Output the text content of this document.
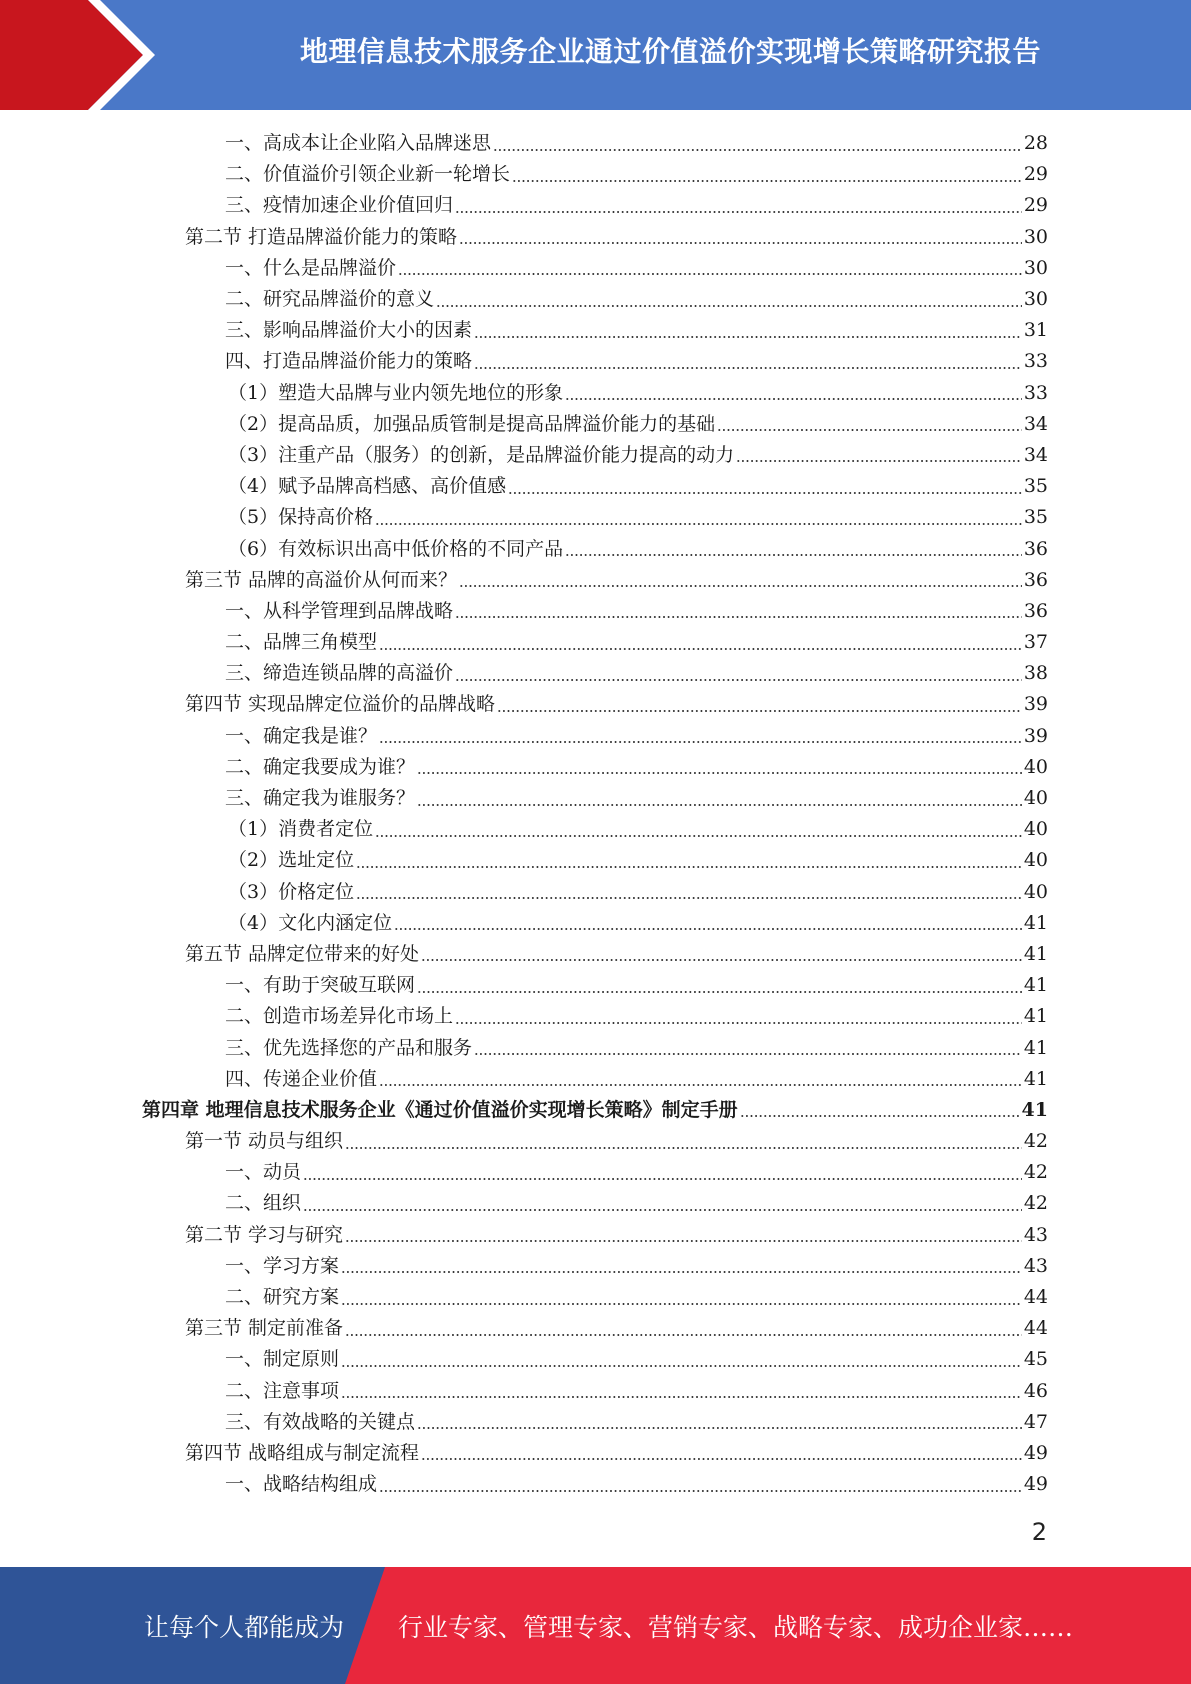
地理信息技术服务企业通过价值溢价实现增长策略研究报告
一、高成本让企业陷入品牌迷思	28
二、价值溢价引领企业新一轮增长	29
三、疫情加速企业价值回归	29
第二节 打造品牌溢价能力的策略	30
一、什么是品牌溢价	30
二、研究品牌溢价的意义	30
三、影响品牌溢价大小的因素	31
四、打造品牌溢价能力的策略	33
（1）塑造大品牌与业内领先地位的形象	33
（2）提高品质，加强品质管制是提高品牌溢价能力的基础	34
（3）注重产品（服务）的创新，是品牌溢价能力提高的动力	34
（4）赋予品牌高档感、高价值感	35
（5）保持高价格	35
（6）有效标识出高中低价格的不同产品	36
第三节 品牌的高溢价从何而来？	36
一、从科学管理到品牌战略	36
二、品牌三角模型	37
三、缔造连锁品牌的高溢价	38
第四节 实现品牌定位溢价的品牌战略	39
一、确定我是谁？	39
二、确定我要成为谁？	40
三、确定我为谁服务？	40
（1）消费者定位	40
（2）选址定位	40
（3）价格定位	40
（4）文化内涵定位	41
第五节 品牌定位带来的好处	41
一、有助于突破互联网	41
二、创造市场差异化市场上	41
三、优先选择您的产品和服务	41
四、传递企业价值	41
第四章 地理信息技术服务企业《通过价值溢价实现增长策略》制定手册	41
第一节 动员与组织	42
一、动员	42
二、组织	42
第二节 学习与研究	43
一、学习方案	43
二、研究方案	44
第三节 制定前准备	44
一、制定原则	45
二、注意事项	46
三、有效战略的关键点	47
第四节 战略组成与制定流程	49
一、战略结构组成	49
2
让每个人都能成为 行业专家、管理专家、营销专家、战略专家、成功企业家……
